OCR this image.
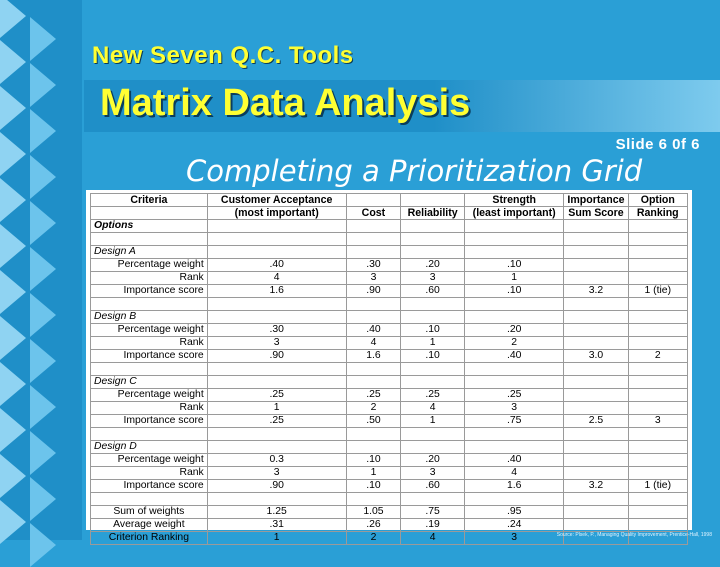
New Seven Q.C. Tools
Matrix Data Analysis
Slide 6 0f 6
Completing a Prioritization Grid
Criteria	Customer Acceptance			Strength	Importance	Option
	(most important)	Cost	Reliability	(least important)	Sum Score	Ranking
Options						

Design A						
Percentage weight	.40	.30	.20	.10		
Rank	4	3	3	1		
Importance score	1.6	.90	.60	.10	3.2	1 (tie)

Design B						
Percentage weight	.30	.40	.10	.20		
Rank	3	4	1	2		
Importance score	.90	1.6	.10	.40	3.0	2

Design C						
Percentage weight	.25	.25	.25	.25		
Rank	1	2	4	3		
Importance score	.25	.50	1	.75	2.5	3

Design D						
Percentage weight	0.3	.10	.20	.40		
Rank	3	1	3	4		
Importance score	.90	.10	.60	1.6	3.2	1 (tie)

Sum of weights	1.25	1.05	.75	.95		
Average weight	.31	.26	.19	.24		
Criterion Ranking	1	2	4	3			Source: Plsek, P., Managing Quality Improvement, Prentice-Hall, 1998
